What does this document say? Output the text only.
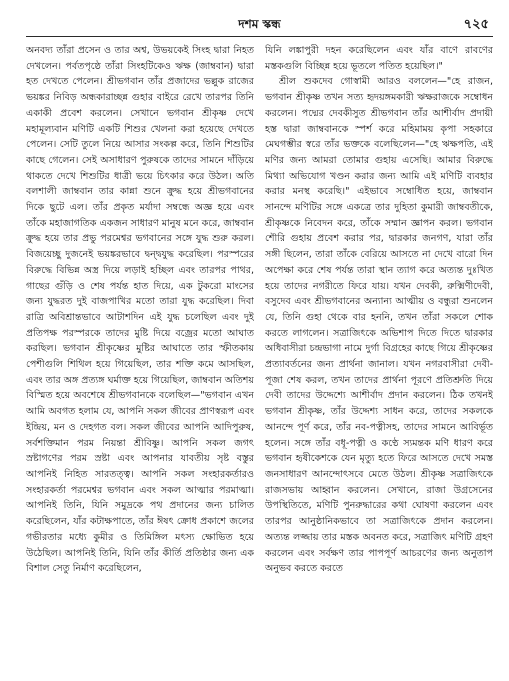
দশম স্কন্ধ	৭২৫

অনবদ্য তাঁরা প্রসেন ও তার অশ্ব, উভয়কেই সিংহ দ্বারা নিহত দেখলেন। পর্বতপৃষ্ঠে তাঁরা সিংহটিকেও ঋক্ষ (জাম্ববান) দ্বারা হত দেখতে পেলেন। শ্রীভগবান তাঁর প্রজাদের ভল্লুক রাজের ভয়ঙ্কর নিবিড় অন্ধকারাচ্ছন্ন গুহার বাইরে রেখে তারপর তিনি একাকী প্রবেশ করলেন। সেখানে ভগবান শ্রীকৃষ্ণ দেখে মহামূল্যবান মণিটি একটি শিশুর খেলনা করা হয়েছে দেখতে পেলেন। সেটি তুলে নিয়ে আসার সংকল্প করে, তিনি শিশুটির কাছে গেলেন। সেই অসাধারণ পুরুষকে তাদের সামনে দাঁড়িয়ে থাকতে দেখে শিশুটির ধাত্রী ভয়ে চিৎকার করে উঠল। অতি বলশালী জাম্ববান তার কান্না শুনে ক্রুদ্ধ হয়ে শ্রীভগবানের দিকে ছুটে এল। তাঁর প্রকৃত মর্যাদা সম্বন্ধে অজ্ঞ হয়ে এবং তাঁকে মহাজাগতিক একজন সাধারণ মানুষ মনে করে, জাম্ববান ক্রুদ্ধ হয়ে তার প্রভু পরমেশ্বর ভগবানের সঙ্গে যুদ্ধ শুরু করল। বিজয়েচ্ছু দুজনেই ভয়ঙ্করভাবে দ্বন্দ্বযুদ্ধ করেছিল। পরস্পরের বিরুদ্ধে বিভিন্ন অস্ত্র দিয়ে লড়াই হচ্ছিল এবং তারপর পাথর, গাছের গুঁড়ি ও শেষ পর্যন্ত হাত দিয়ে, এক টুকরো মাংসের জন্য যুদ্ধরত দুই বাজপাখির মতো তারা যুদ্ধ করেছিল। দিবা রাত্রি অবিশ্রান্তভাবে আটাশদিন এই যুদ্ধ চলেছিল এবং দুই প্রতিপক্ষ পরস্পরকে তাদের মুষ্টি দিয়ে বজ্রের মতো আঘাত করছিল। ভগবান শ্রীকৃষ্ণের মুষ্টির আঘাতে তার স্ফীতকায় পেশীগুলি শিথিল হয়ে গিয়েছিল, তার শক্তি কমে আসছিল, এবং তার অঙ্গ প্রত্যঙ্গ ঘর্মাক্ত হয়ে গিয়েছিল, জাম্ববান অতিশয় বিস্মিত হয়ে অবশেষে শ্রীভগবানকে বলেছিল—"ভগবান এখন আমি অবগত হলাম যে, আপনি সকল জীবের প্রাণস্বরূপ এবং ইন্দ্রিয়, মন ও দেহগত বল। সকল জীবের আপনি আদিপুরুষ, সর্বশক্তিমান পরম নিয়ন্তা শ্রীবিষ্ণু। আপনি সকল জগৎ স্রষ্টাগণের পরম স্রষ্টা এবং আপনার যাবতীয় সৃষ্ট বস্তুর আপনিই নিহিত সারতত্ত্ব। আপনি সকল সংহারকর্তারও সংহারকর্তা পরমেশ্বর ভগবান এবং সকল আত্মার পরমাত্মা। আপনিই তিনি, যিনি সমুদ্রকে পথ প্রদানের জন্য চালিত করেছিলেন, যাঁর কটাক্ষপাতে, তাঁর ঈষৎ ক্রোধ প্রকাশে জলের গভীরতার মধ্যে কুমীর ও তিমিঙ্গিল মৎস্য ক্ষোভিত হয়ে উঠেছিল। আপনিই তিনি, যিনি তাঁর কীর্তি প্রতিষ্ঠার জন্য এক বিশাল সেতু নির্মাণ করেছিলেন,

যিনি লঙ্কাপুরী দহন করেছিলেন এবং যাঁর বাণে রাবণের মস্তকগুলি বিচ্ছিন্ন হয়ে ভূতলে পতিত হয়েছিল।"

শ্রীল শুকদেব গোস্বামী আরও বললেন—"হে রাজন, ভগবান শ্রীকৃষ্ণ তখন সত্য হৃদয়ঙ্গমকারী ঋক্ষরাজকে সম্বোধন করলেন। পদ্মের দেবকীসুত শ্রীভগবান তাঁর আশীর্বাদ প্রদায়ী হস্ত দ্বারা জাম্ববানকে স্পর্শ করে মহিমাময় কৃপা সহকারে মেঘগম্ভীর স্বরে তাঁর ভক্তকে বলেছিলেন—"হে ঋক্ষপতি, এই মণির জন্য আমরা তোমার গুহায় এসেছি। আমার বিরুদ্ধে মিথ্যা অভিযোগ খণ্ডন করার জন্য আমি এই মণিটি ব্যবহার করার মনস্থ করেছি।" এইভাবে সম্বোধিত হয়ে, জাম্ববান সানন্দে মণিটির সঙ্গে একত্রে তার দুহিতা কুমারী জাম্ববতীকে, শ্রীকৃষ্ণকে নিবেদন করে, তাঁকে সম্মান জ্ঞাপন করল। ভগবান শৌরি গুহায় প্রবেশ করার পর, দ্বারকার জনগণ, যারা তাঁর সঙ্গী ছিলেন, তারা তাঁকে বেরিয়ে আসতে না দেখে বারো দিন অপেক্ষা করে শেষ পর্যন্ত তারা স্থান ত্যাগ করে অত্যন্ত দুঃখিত হয়ে তাদের নগরীতে ফিরে যায়। যখন দেবকী, রুক্মিণীদেবী, বসুদেব এবং শ্রীভগবানের অন্যান্য আত্মীয় ও বন্ধুরা শুনলেন যে, তিনি গুহা থেকে বার হননি, তখন তাঁরা সকলে শোক করতে লাগলেন। সত্রাজিৎকে অভিশাপ দিতে দিতে দ্বারকার অধিবাসীরা চন্দ্রভাগা নামে দুর্গা বিগ্রহের কাছে গিয়ে শ্রীকৃষ্ণের প্রত্যাবর্তনের জন্য প্রার্থনা জানাল। যখন নগরবাসীরা দেবী-পূজা শেষ করল, তখন তাদের প্রার্থনা পূরণে প্রতিশ্রুতি দিয়ে দেবী তাদের উদ্দেশ্যে আশীর্বাদ প্রদান করলেন। ঠিক তখনই ভগবান শ্রীকৃষ্ণ, তাঁর উদ্দেশ্য সাধন করে, তাদের সকলকে আনন্দে পূর্ণ করে, তাঁর নব-পত্নীসহ, তাদের সামনে আবির্ভূত হলেন। সঙ্গে তাঁর বধূ-পত্নী ও কণ্ঠে স্যমন্তক মণি ধারণ করে ভগবান হৃষীকেশকে যেন মৃত্যু হতে ফিরে আসতে দেখে সমস্ত জনসাধারণ আনন্দোৎসবে মেতে উঠল। শ্রীকৃষ্ণ সত্রাজিৎকে রাজসভায় আহ্বান করলেন। সেখানে, রাজা উগ্রসেনের উপস্থিতিতে, মণিটি পুনরুদ্ধারের কথা ঘোষণা করলেন এবং তারপর আনুষ্ঠানিকভাবে তা সত্রাজিৎকে প্রদান করলেন। অত্যন্ত লজ্জায় তার মস্তক অবনত করে, সত্রাজিৎ মণিটি গ্রহণ করলেন এবং সর্বক্ষণ তার পাপপূর্ণ আচরণের জন্য অনুতাপ অনুভব করতে করতে
